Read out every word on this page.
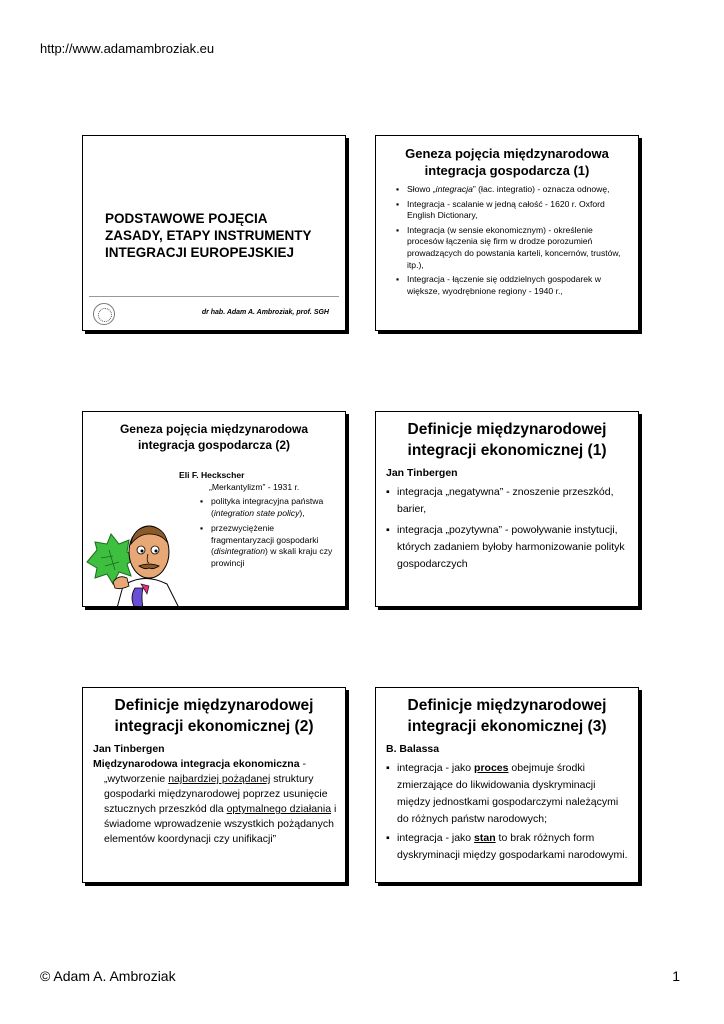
http://www.adamambroziak.eu
PODSTAWOWE POJĘCIA ZASADY, ETAPY INSTRUMENTY INTEGRACJI EUROPEJSKIEJ
dr hab. Adam A. Ambroziak, prof. SGH
Geneza pojęcia międzynarodowa
integracja gospodarcza (1)
▪ Słowo „integracja” (łac. integratio) - oznacza odnowę,
▪ Integracja - scalanie w jedną całość - 1620 r. Oxford English Dictionary,
▪ Integracja (w sensie ekonomicznym) - określenie procesów łączenia się firm w drodze porozumień prowadzących do powstania karteli, koncernów, trustów, itp.),
▪ Integracja - łączenie się oddzielnych gospodarek w większe, wyodrębnione regiony - 1940 r.,
Geneza pojęcia międzynarodowa
integracja gospodarcza (2)
Eli F. Heckscher
„Merkantylizm” - 1931 r.
▪ polityka integracyjna państwa (integration state policy),
▪ przezwyciężenie fragmentaryzacji gospodarki (disintegration) w skali kraju czy prowincji
Definicje międzynarodowej
integracji ekonomicznej (1)
Jan Tinbergen
▪ integracja „negatywna” - znoszenie przeszkód, barier,
▪ integracja „pozytywna” - powoływanie instytucji, których zadaniem byłoby harmonizowanie polityk gospodarczych
Definicje międzynarodowej
integracji ekonomicznej (2)
Jan Tinbergen
Międzynarodowa integracja ekonomiczna -
„wytworzenie najbardziej pożądanej struktury gospodarki międzynarodowej poprzez usunięcie sztucznych przeszkód dla optymalnego działania i świadome wprowadzenie wszystkich pożądanych elementów koordynacji czy unifikacji”
Definicje międzynarodowej
integracji ekonomicznej (3)
B. Balassa
▪ integracja - jako proces obejmuje środki zmierzające do likwidowania dyskryminacji między jednostkami gospodarczymi należącymi do różnych państw narodowych;
▪ integracja - jako stan to brak różnych form dyskryminacji między gospodarkami narodowymi.
© Adam A. Ambroziak	1
